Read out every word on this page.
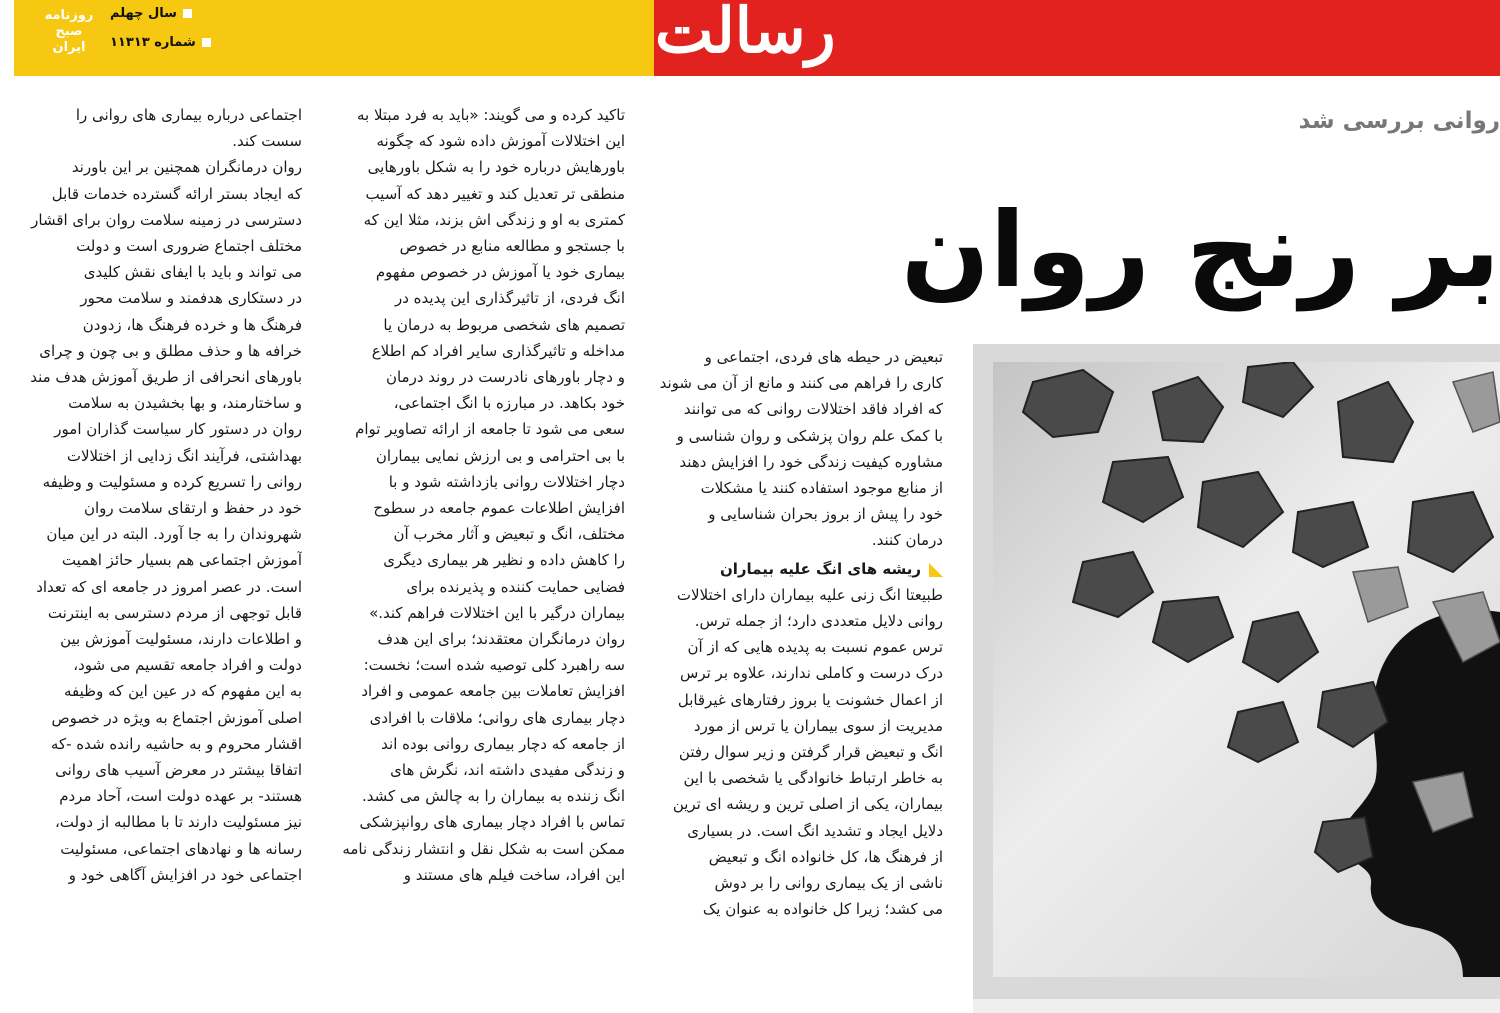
رسالت
روزنامه صبح ایران
سال چهلم
شماره ۱۱۳۱۳
روانی بررسی شد
بر رنج روان

اجتماعی درباره بیماری های روانی را

سست کند.

روان درمانگران همچنین بر این باورند

که ایجاد بستر ارائه گسترده خدمات قابل

دسترسی در زمینه سلامت روان برای اقشار

مختلف اجتماع ضروری است و دولت

می تواند و باید با ایفای نقش کلیدی

در دستکاری هدفمند و سلامت محور

فرهنگ ها و خرده فرهنگ ها، زدودن

خرافه ها و حذف مطلق و بی چون و چرای

باورهای انحرافی از طریق آموزش هدف مند

و ساختارمند، و بها بخشیدن به سلامت

روان در دستور کار سیاست گذاران امور

بهداشتی، فرآیند انگ زدایی از اختلالات

روانی را تسریع کرده و مسئولیت و وظیفه

خود در حفظ و ارتقای سلامت روان

شهروندان را به جا آورد. البته در این میان

آموزش اجتماعی هم بسیار حائز اهمیت

است. در عصر امروز در جامعه ای که تعداد

قابل توجهی از مردم دسترسی به اینترنت

و اطلاعات دارند، مسئولیت آموزش بین

دولت و افراد جامعه تقسیم می شود،

به این مفهوم که در عین این که وظیفه

اصلی آموزش اجتماع به ویژه در خصوص

اقشار محروم و به حاشیه رانده شده -که

اتفاقا بیشتر در معرض آسیب های روانی

هستند- بر عهده دولت است، آحاد مردم

نیز مسئولیت دارند تا با مطالبه از دولت،

رسانه ها و نهادهای اجتماعی، مسئولیت

اجتماعی خود در افزایش آگاهی خود و

تاکید کرده و می گویند: «باید به فرد مبتلا به

این اختلالات آموزش داده شود که چگونه

باورهایش درباره خود را به شکل باورهایی

منطقی تر تعدیل کند و تغییر دهد که آسیب

کمتری به او و زندگی اش بزند، مثلا این که

با جستجو و مطالعه منابع در خصوص

بیماری خود یا آموزش در خصوص مفهوم

انگ فردی، از تاثیرگذاری این پدیده در

تصمیم های شخصی مربوط به درمان یا

مداخله و تاثیرگذاری سایر افراد کم اطلاع

و دچار باورهای نادرست در روند درمان

خود بکاهد. در مبارزه با انگ اجتماعی،

سعی می شود تا جامعه از ارائه تصاویر توام

با بی احترامی و بی ارزش نمایی بیماران

دچار اختلالات روانی بازداشته شود و با

افزایش اطلاعات عموم جامعه در سطوح

مختلف، انگ و تبعیض و آثار مخرب آن

را کاهش داده و نظیر هر بیماری دیگری

فضایی حمایت کننده و پذیرنده برای

بیماران درگیر با این اختلالات فراهم کند.»

روان درمانگران معتقدند؛ برای این هدف

سه راهبرد کلی توصیه شده است؛ نخست:

افزایش تعاملات بین جامعه عمومی و افراد

دچار بیماری های روانی؛ ملاقات با افرادی

از جامعه که دچار بیماری روانی بوده اند

و زندگی مفیدی داشته اند، نگرش های

انگ زننده به بیماران را به چالش می کشد.

تماس با افراد دچار بیماری های روانپزشکی

ممکن است به شکل نقل و انتشار زندگی نامه

این افراد، ساخت فیلم های مستند و

تبعیض در حیطه های فردی، اجتماعی و

کاری را فراهم می کنند و مانع از آن می شوند

که افراد فاقد اختلالات روانی که می توانند

با کمک علم روان پزشکی و روان شناسی و

مشاوره کیفیت زندگی خود را افزایش دهند

از منابع موجود استفاده کنند یا مشکلات

خود را پیش از بروز بحران شناسایی و

درمان کنند.

ریشه های انگ علیه بیماران

طبیعتا انگ زنی علیه بیماران دارای اختلالات

روانی دلایل متعددی دارد؛ از جمله ترس.

ترس عموم نسبت به پدیده هایی که از آن

درک درست و کاملی ندارند، علاوه بر ترس

از اعمال خشونت یا بروز رفتارهای غیرقابل

مدیریت از سوی بیماران یا ترس از مورد

انگ و تبعیض قرار گرفتن و زیر سوال رفتن

به خاطر ارتباط خانوادگی یا شخصی با این

بیماران، یکی از اصلی ترین و ریشه ای ترین

دلایل ایجاد و تشدید انگ است. در بسیاری

از فرهنگ ها، کل خانواده انگ و تبعیض

ناشی از یک بیماری روانی را بر دوش

می کشد؛ زیرا کل خانواده به عنوان یک
